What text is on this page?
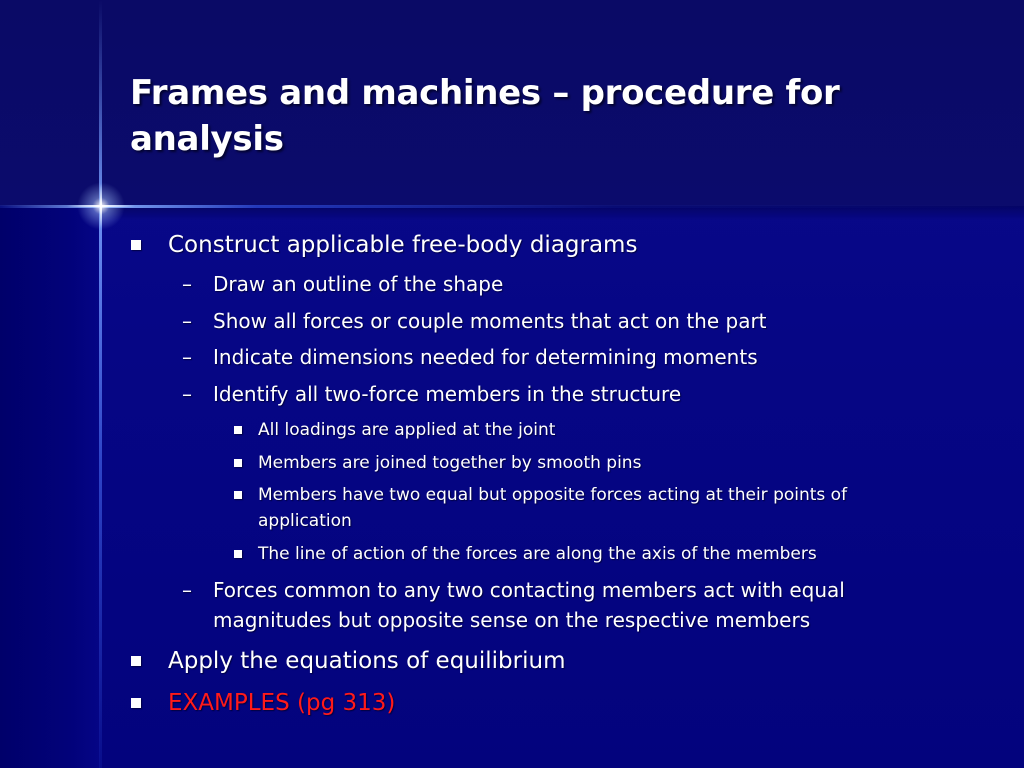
Frames and machines – procedure for
analysis
Construct applicable free-body diagrams
– Draw an outline of the shape
– Show all forces or couple moments that act on the part
– Indicate dimensions needed for determining moments
– Identify all two-force members in the structure
All loadings are applied at the joint
Members are joined together by smooth pins
Members have two equal but opposite forces acting at their points of
application
The line of action of the forces are along the axis of the members
– Forces common to any two contacting members act with equal
magnitudes but opposite sense on the respective members
Apply the equations of equilibrium
EXAMPLES (pg 313)
